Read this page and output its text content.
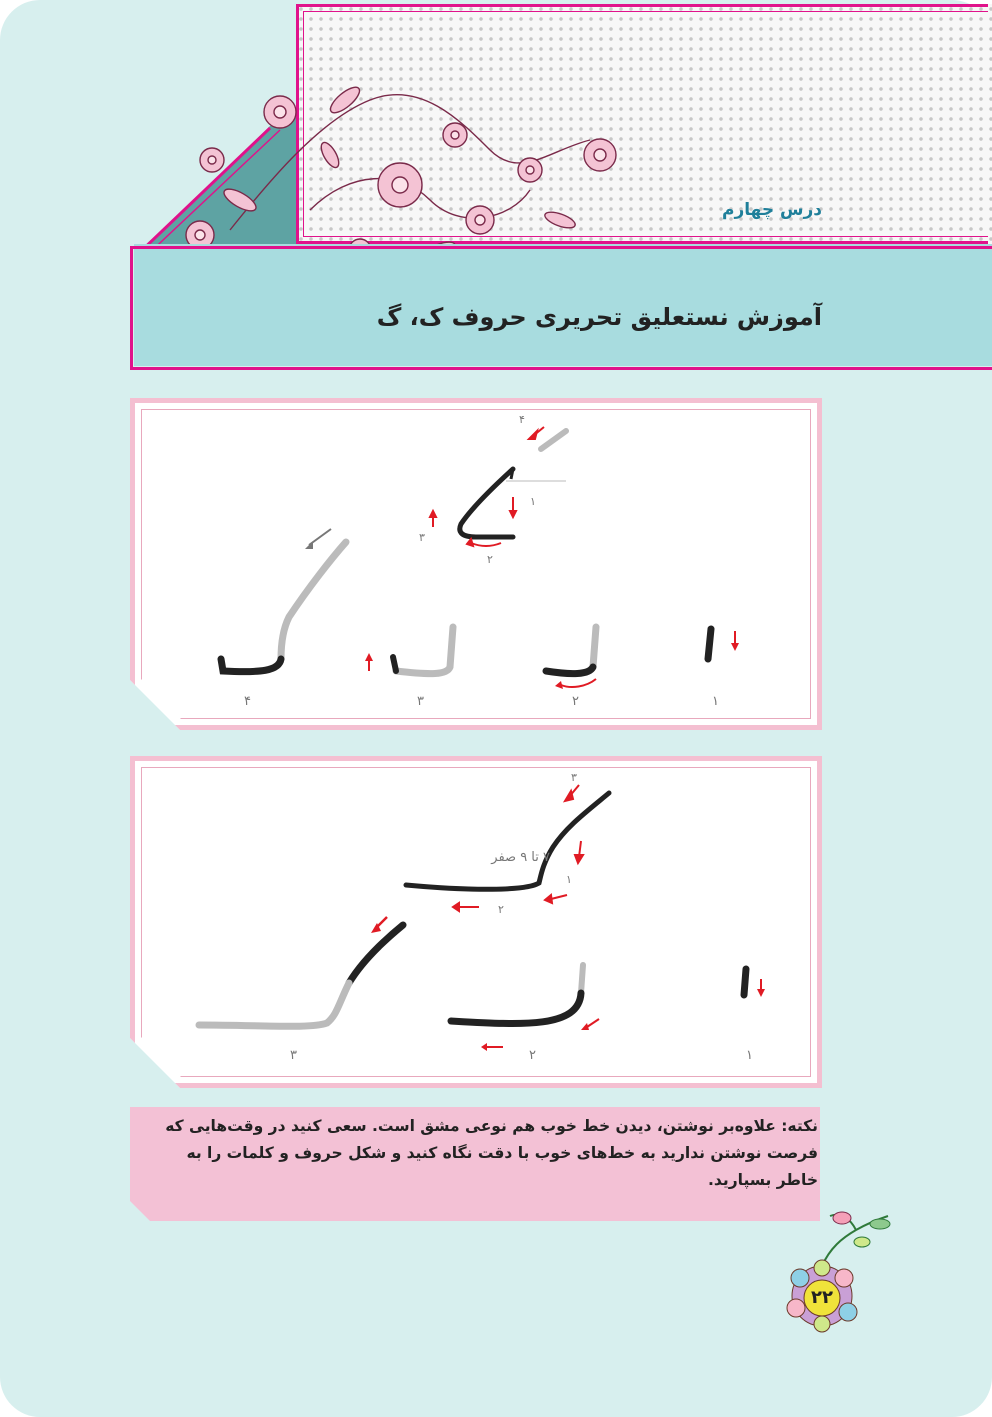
درس چهارم
آموزش نستعلیق تحریری حروف ک، گ
۴
۱
۲
۳
۱
۲
۳
۴
۳
۱
۲
۷ تا ۹ صفر
۱
۲
۳
نکته: علاوه‌بر نوشتن، دیدن خط خوب هم نوعی مشق است. سعی کنید در وقت‌هایی که فرصت نوشتن ندارید به خط‌های خوب با دقت نگاه کنید و شکل حروف و کلمات را به خاطر بسپارید.
۲۲
